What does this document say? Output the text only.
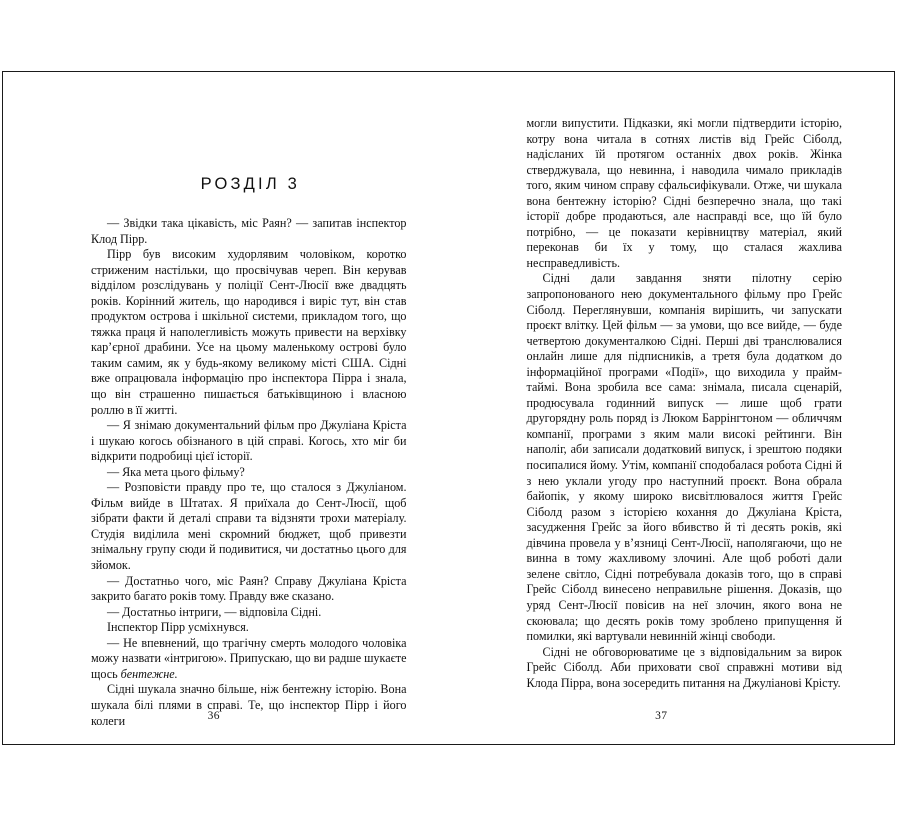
РОЗДІЛ 3

— Звідки така цікавість, міс Раян? — запитав інспектор Клод Пірр.

Пірр був високим худорлявим чоловіком, коротко стриженим настільки, що просвічував череп. Він керував відділом розслідувань у поліції Сент-Люсії вже двадцять років. Корінний житель, що народився і виріс тут, він став продуктом острова і шкільної системи, прикладом того, що тяжка праця й наполегливість можуть привести на верхівку кар’єрної драбини. Усе на цьому маленькому острові було таким самим, як у будь-якому великому місті США. Сідні вже опрацювала інформацію про інспектора Пірра і знала, що він страшенно пишається батьківщиною і власною роллю в її житті.

— Я знімаю документальний фільм про Джуліана Кріста і шукаю когось обізнаного в цій справі. Когось, хто міг би відкрити подробиці цієї історії.

— Яка мета цього фільму?

— Розповісти правду про те, що сталося з Джуліаном. Фільм вийде в Штатах. Я приїхала до Сент-Люсії, щоб зібрати факти й деталі справи та відзняти трохи матеріалу. Студія виділила мені скромний бюджет, щоб привезти знімальну групу сюди й подивитися, чи достатньо цього для зйомок.

— Достатньо чого, міс Раян? Справу Джуліана Кріста закрито багато років тому. Правду вже сказано.

— Достатньо інтриги, — відповіла Сідні.

Інспектор Пірр усміхнувся.

— Не впевнений, що трагічну смерть молодого чоловіка можу назвати «інтригою». Припускаю, що ви радше шукаєте щось бентежне.

Сідні шукала значно більше, ніж бентежну історію. Вона шукала білі плями в справі. Те, що інспектор Пірр і його колеги	36

могли випустити. Підказки, які могли підтвердити історію, котру вона читала в сотнях листів від Грейс Сіболд, надісланих їй протягом останніх двох років. Жінка стверджувала, що невинна, і наводила чимало прикладів того, яким чином справу сфальсифікували. Отже, чи шукала вона бентежну історію? Сідні безперечно знала, що такі історії добре продаються, але насправді все, що їй було потрібно, — це показати керівництву матеріал, який переконав би їх у тому, що сталася жахлива несправедливість.

Сідні дали завдання зняти пілотну серію запропонованого нею документального фільму про Грейс Сіболд. Переглянувши, компанія вирішить, чи запускати проєкт влітку. Цей фільм — за умови, що все вийде, — буде четвертою документалкою Сідні. Перші дві транслювалися онлайн лише для підписників, а третя була додатком до інформаційної програми «Події», що виходила у прайм-таймі. Вона зробила все сама: знімала, писала сценарій, продюсувала годинний випуск — лише щоб грати другорядну роль поряд із Люком Баррінгтоном — обличчям компанії, програми з яким мали високі рейтинги. Він наполіг, аби записали додатковий випуск, і зрештою подяки посипалися йому. Утім, компанії сподобалася робота Сідні й з нею уклали угоду про наступний проєкт. Вона обрала байопік, у якому широко висвітлювалося життя Грейс Сіболд разом з історією кохання до Джуліана Кріста, засудження Грейс за його вбивство й ті десять років, які дівчина провела у в’язниці Сент-Люсії, наполягаючи, що не винна в тому жахливому злочині. Але щоб роботі дали зелене світло, Сідні потребувала доказів того, що в справі Грейс Сіболд винесено неправильне рішення. Доказів, що уряд Сент-Люсії повісив на неї злочин, якого вона не скоювала; що десять років тому зроблено припущення й помилки, які вартували невинній жінці свободи.

Сідні не обговорюватиме це з відповідальним за вирок Грейс Сіболд. Аби приховати свої справжні мотиви від Клода Пірра, вона зосередить питання на Джуліанові Крісту.

37
